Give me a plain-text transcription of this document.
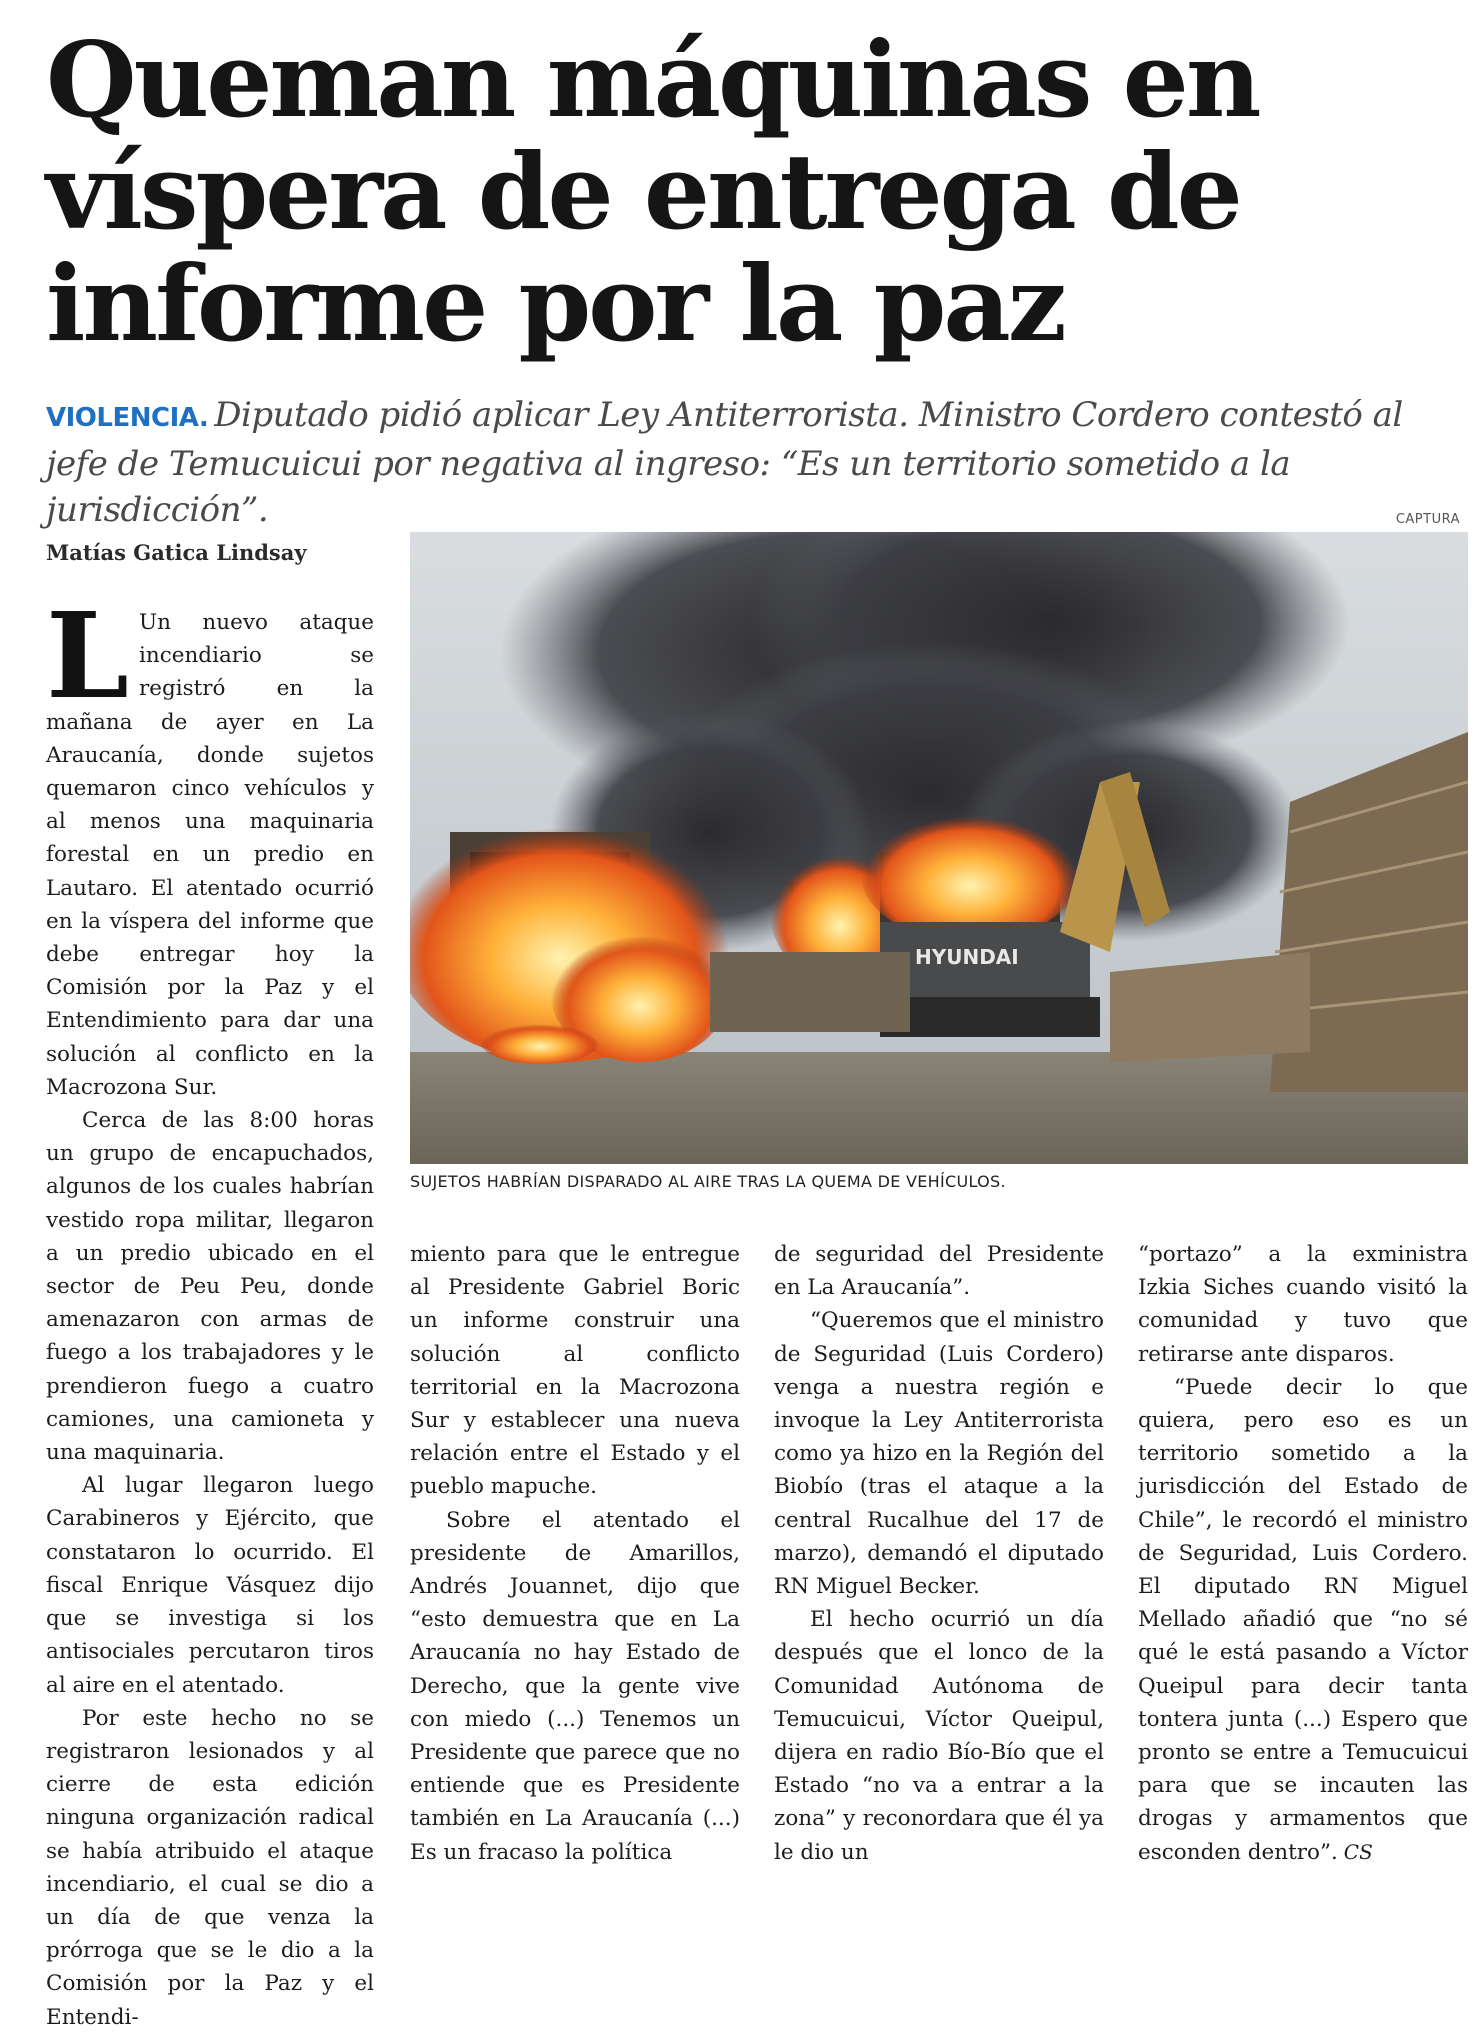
Queman máquinas en
víspera de entrega de
informe por la paz
VIOLENCIA. Diputado pidió aplicar Ley Antiterrorista. Ministro Cordero contestó al jefe de Temucuicui por negativa al ingreso: “Es un territorio sometido a la jurisdicción”.	CAPTURA
Matías Gatica Lindsay
HYUNDAI
SUJETOS HABRÍAN DISPARADO AL AIRE TRAS LA QUEMA DE VEHÍCULOS.

L Un nuevo ataque incendiario se registró en la mañana de ayer en La Araucanía, donde sujetos quemaron cinco vehículos y al menos una maquinaria forestal en un predio en Lautaro. El atentado ocurrió en la víspera del informe que debe entregar hoy la Comisión por la Paz y el Entendimiento para dar una solución al conflicto en la Macrozona Sur.

Cerca de las 8:00 horas un grupo de encapuchados, algunos de los cuales habrían vestido ropa militar, llegaron a un predio ubicado en el sector de Peu Peu, donde amenazaron con armas de fuego a los trabajadores y le prendieron fuego a cuatro camiones, una camioneta y una maquinaria.

Al lugar llegaron luego Carabineros y Ejército, que constataron lo ocurrido. El fiscal Enrique Vásquez dijo que se investiga si los antisociales percutaron tiros al aire en el atentado.

Por este hecho no se registraron lesionados y al cierre de esta edición ninguna organización radical se había atribuido el ataque incendiario, el cual se dio a un día de que venza la prórroga que se le dio a la Comisión por la Paz y el Entendi-

miento para que le entregue al Presidente Gabriel Boric un informe construir una solución al conflicto territorial en la Macrozona Sur y establecer una nueva relación entre el Estado y el pueblo mapuche.

Sobre el atentado el presidente de Amarillos, Andrés Jouannet, dijo que “esto demuestra que en La Araucanía no hay Estado de Derecho, que la gente vive con miedo (...) Tenemos un Presidente que parece que no entiende que es Presidente también en La Araucanía (...) Es un fracaso la política

de seguridad del Presidente en La Araucanía”.

“Queremos que el ministro de Seguridad (Luis Cordero) venga a nuestra región e invoque la Ley Antiterrorista como ya hizo en la Región del Biobío (tras el ataque a la central Rucalhue del 17 de marzo), demandó el diputado RN Miguel Becker.

El hecho ocurrió un día después que el lonco de la Comunidad Autónoma de Temucuicui, Víctor Queipul, dijera en radio Bío-Bío que el Estado “no va a entrar a la zona” y reconordara que él ya le dio un

“portazo” a la exministra Izkia Siches cuando visitó la comunidad y tuvo que retirarse ante disparos.

“Puede decir lo que quiera, pero eso es un territorio sometido a la jurisdicción del Estado de Chile”, le recordó el ministro de Seguridad, Luis Cordero. El diputado RN Miguel Mellado añadió que “no sé qué le está pasando a Víctor Queipul para decir tanta tontera junta (...) Espero que pronto se entre a Temucuicui para que se incauten las drogas y armamentos que esconden dentro”. CS
